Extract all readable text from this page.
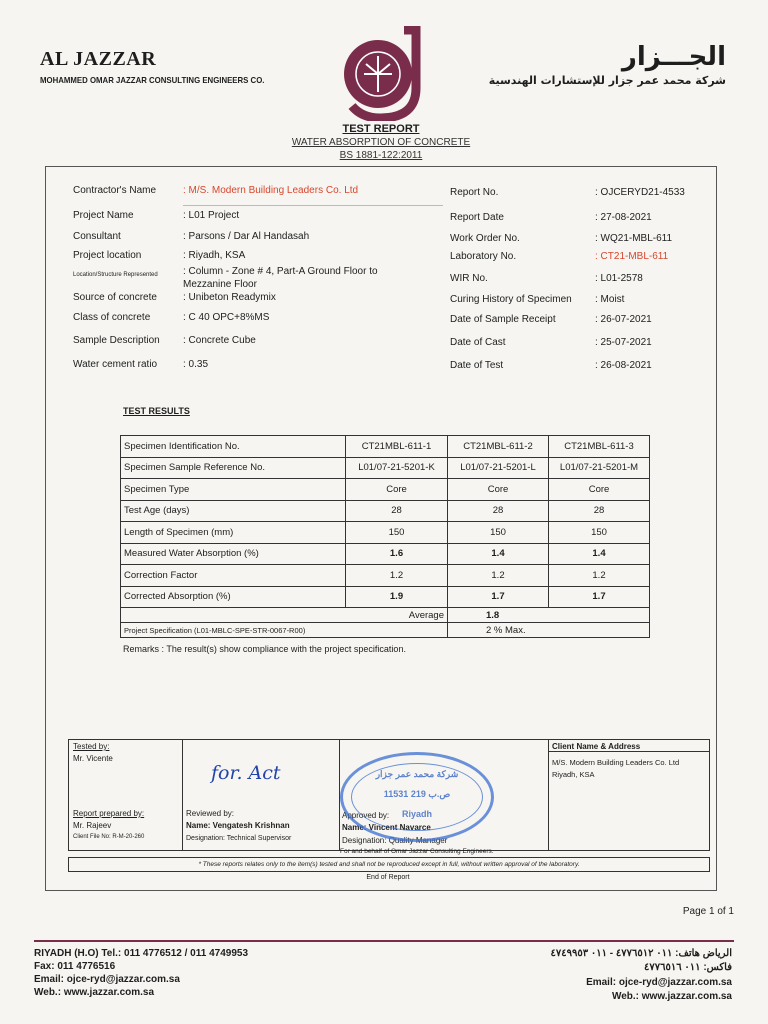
AL JAZZAR
MOHAMMED OMAR JAZZAR CONSULTING ENGINEERS CO.
الجـــزار
شركة محمد عمر جزار للإستشارات الهندسية
TEST REPORT
WATER ABSORPTION OF CONCRETE
BS 1881-122:2011
Contractor's Name	: M/S. Modern Building Leaders Co. Ltd
Project Name	: L01 Project
Consultant	: Parsons / Dar Al Handasah
Project location	: Riyadh, KSA
Location/Structure Represented	: Column - Zone # 4, Part-A Ground Floor to
Mezzanine Floor
Source of concrete	: Unibeton Readymix
Class of concrete	: C 40 OPC+8%MS
Sample Description : Concrete Cube
Water cement ratio	: 0.35
Report No.	: OJCERYD21-4533
Report Date	: 27-08-2021
Work Order No.	: WQ21-MBL-611
Laboratory No.	: CT21-MBL-611
WIR No.	: L01-2578
Curing History of Specimen : Moist
Date of Sample Receipt	: 26-07-2021
Date of Cast	: 25-07-2021
Date of Test	: 26-08-2021
TEST RESULTS
Specimen Identification No.	CT21MBL-611-1	CT21MBL-611-2	CT21MBL-611-3
Specimen Sample Reference No.	L01/07-21-5201-K	L01/07-21-5201-L	L01/07-21-5201-M
Specimen Type	Core	Core	Core
Test Age (days)	28	28	28
Length of Specimen (mm)	150	150	150
Measured Water Absorption (%)	1.6	1.4	1.4
Correction Factor	1.2	1.2	1.2
Corrected Absorption (%)	1.9	1.7	1.7
Average		1.8	
Project Specification (L01-MBLC-SPE-STR-0067-R00)		2 % Max.	
Remarks : The result(s) show compliance with the project specification.
Tested by:
Mr. Vicente
Report prepared by:
Mr. Rajeev
Client File No: R-M-20-260
for. Act
Reviewed by:
Name: Vengatesh Krishnan
Designation: Technical Supervisor
Approved by:
Name: Vincent Navarce
Designation: Quality Manager
Client Name & Address
M/S. Modern Building Leaders Co. Ltd
Riyadh, KSA
شركة محمد عمر جزار
11531 ص.ب 219
Riyadh
For and behalf of Omar Jazzar Consulting Engineers.
* These reports relates only to the item(s) tested and shall not be reproduced except in full, without written approval of the laboratory.
End of Report
Page 1 of 1
RIYADH (H.O) Tel.: 011 4776512 / 011 4749953
Fax: 011 4776516
Email: ojce-ryd@jazzar.com.sa
Web.: www.jazzar.com.sa
الرياض هاتف: ٠١١ ٤٧٧٦٥١٢ - ٠١١ ٤٧٤٩٩٥٣
فاكس: ٠١١ ٤٧٧٦٥١٦
Email: ojce-ryd@jazzar.com.sa
Web.: www.jazzar.com.sa
